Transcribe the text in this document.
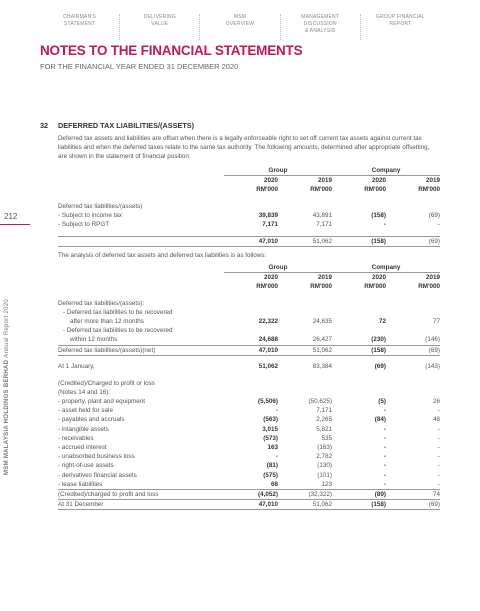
CHAIRMAN'S
STATEMENT
DELIVERING
VALUE
MSM
OVERVIEW
MANAGEMENT DISCUSSION
& ANALYSIS
GROUP FINANCIAL
REPORT
NOTES TO THE FINANCIAL STATEMENTS
FOR THE FINANCIAL YEAR ENDED 31 DECEMBER 2020
212
MSM MALAYSIA HOLDINGS BERHAD Annual Report 2020
32 DEFERRED TAX LIABILITIES/(ASSETS)

Deferred tax assets and liabilities are offset when there is a legally enforceable right to set off current tax assets against current tax liabilities and when the deferred taxes relate to the same tax authority. The following amounts, determined after appropriate offsetting, are shown in the statement of financial position:

	Group		Company	
	2020	2019	2020	2019
	RM'000	RM'000	RM'000	RM'000

Deferred tax liabilities/(assets)				
- Subject to income tax	39,839	43,891	(158)	(69)
- Subject to RPGT	7,171	7,171	-	-

	47,010	51,062	(158)	(69)

The analysis of deferred tax assets and deferred tax liabilities is as follows:

	Group		Company	
	2020	2019	2020	2019
	RM'000	RM'000	RM'000	RM'000

Deferred tax liabilities/(assets):				
- Deferred tax liabilities to be recovered				
after more than 12 months	22,322	24,635	72	77
- Deferred tax liabilities to be recovered				
within 12 months	24,688	26,427	(230)	(146)
Deferred tax liabilities/(assets)(net)	47,010	51,062	(158)	(69)

At 1 January,	51,062	83,384	(69)	(143)

(Credited)/Charged to profit or loss				
(Notes 14 and 16):				
- property, plant and equipment	(5,506)	(50,625)	(5)	26
- asset held for sale	-	7,171	-	-
- payables and accruals	(563)	2,265	(84)	48
- intangible assets	3,015	5,821	-	-
- receivables	(573)	535	-	-
- accrued interest	163	(163)	-	-
- unabsorbed business loss	-	2,782	-	-
- right-of-use assets	(81)	(130)	-	-
- derivatives financial assets	(575)	(101)	-	-
- lease liabilities	68	123	-	-
(Credited)/charged to profit and loss	(4,052)	(32,322)	(89)	74
At 31 December	47,010	51,062	(158)	(69)
